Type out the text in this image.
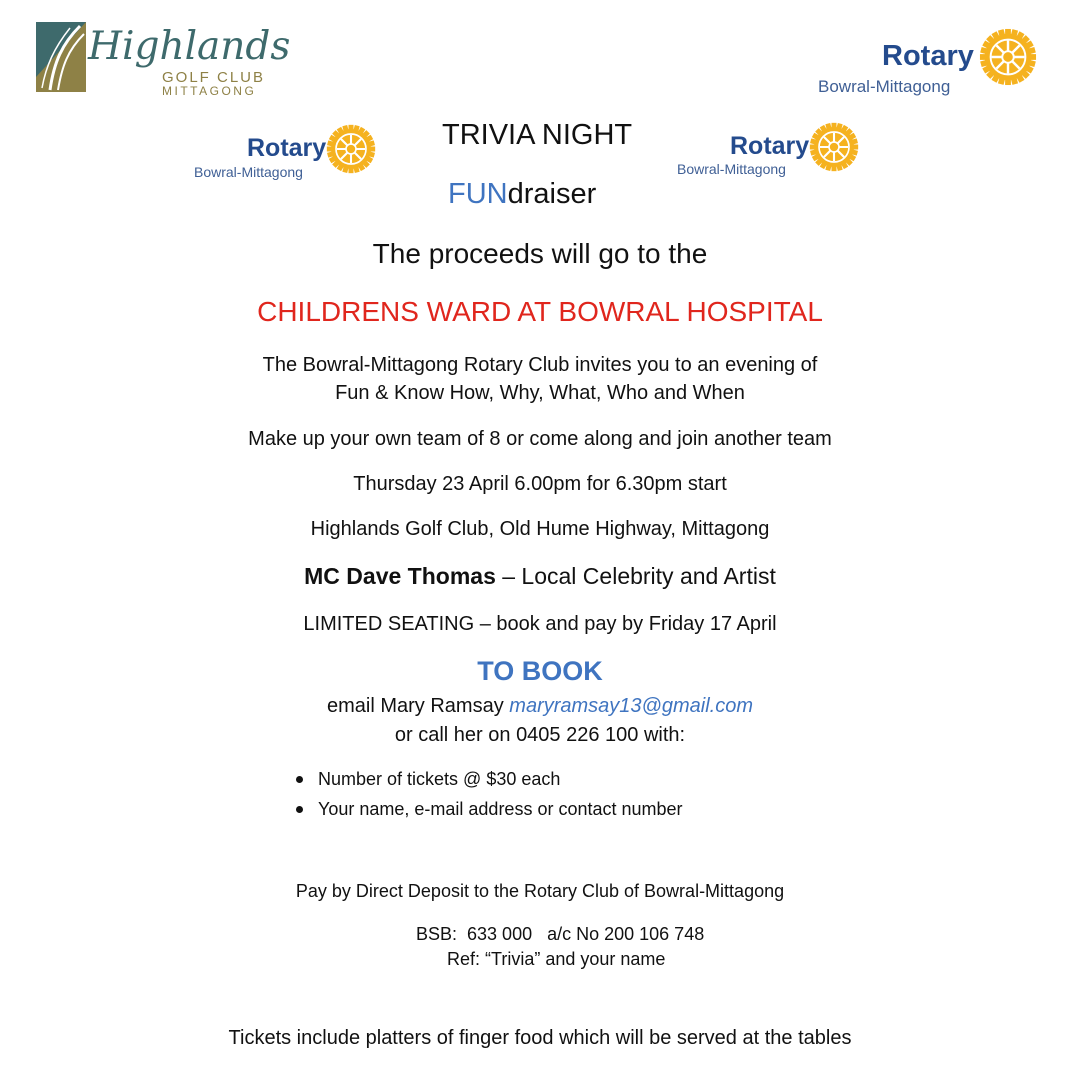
Highlands
GOLF CLUB
MITTAGONG
Rotary
Bowral-Mittagong
Rotary
Bowral-Mittagong
Rotary
Bowral-Mittagong
TRIVIA NIGHT
FUNdraiser
The proceeds will go to the
CHILDRENS WARD AT BOWRAL HOSPITAL
The Bowral-Mittagong Rotary Club invites you to an evening of
Fun & Know How, Why, What, Who and When
Make up your own team of 8 or come along and join another team
Thursday 23 April 6.00pm for 6.30pm start
Highlands Golf Club, Old Hume Highway, Mittagong
MC Dave Thomas – Local Celebrity and Artist
LIMITED SEATING – book and pay by Friday 17 April
TO BOOK
email Mary Ramsay maryramsay13@gmail.com
or call her on 0405 226 100 with:
Number of tickets @ $30 each
Your name, e-mail address or contact number
Pay by Direct Deposit to the Rotary Club of Bowral-Mittagong
BSB:  633 000   a/c No 200 106 748
Ref: “Trivia” and your name
Tickets include platters of finger food which will be served at the tables
